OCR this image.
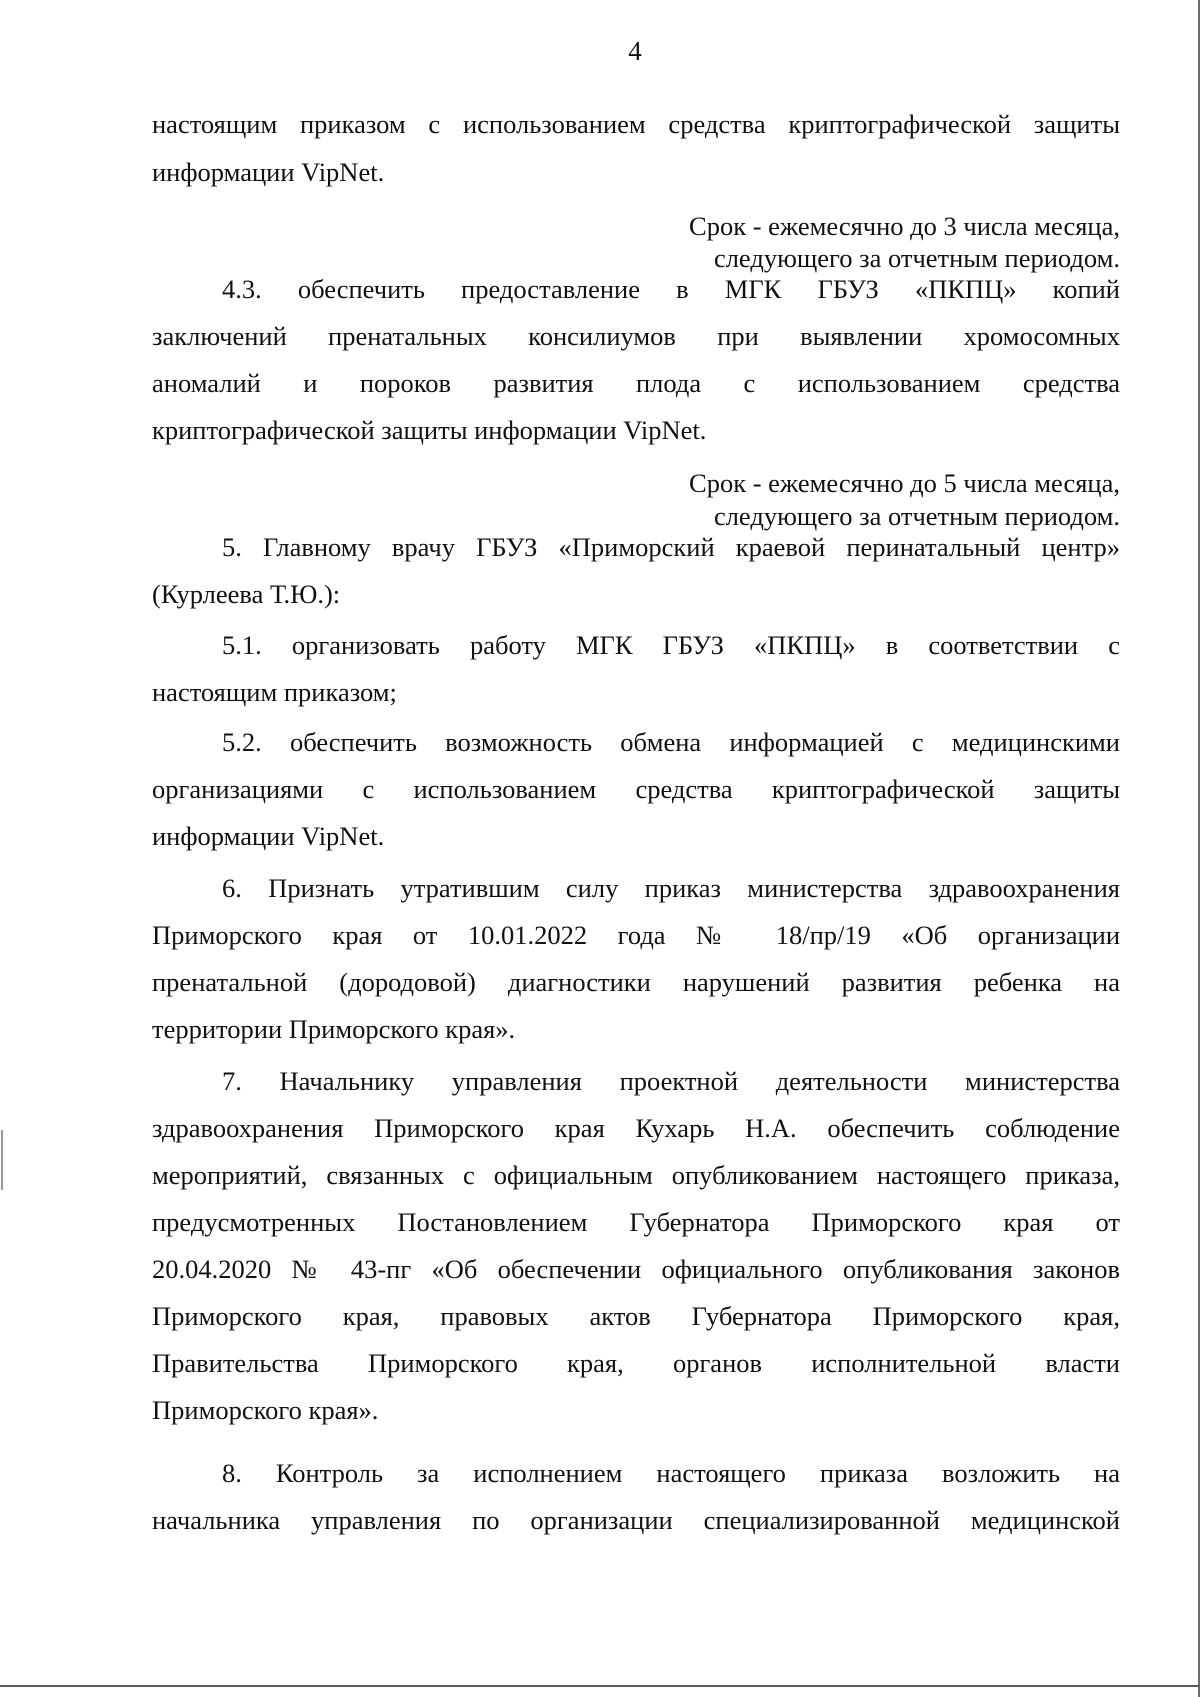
4
настоящим приказом с использованием средства криптографической защиты
информации VipNet.
Срок - ежемесячно до 3 числа месяца,
следующего за отчетным периодом.
4.3. обеспечить предоставление в МГК ГБУЗ «ПКПЦ» копий
заключений пренатальных консилиумов при выявлении хромосомных
аномалий и пороков развития плода с использованием средства
криптографической защиты информации VipNet.
Срок - ежемесячно до 5 числа месяца,
следующего за отчетным периодом.
5. Главному врачу ГБУЗ «Приморский краевой перинатальный центр»
(Курлеева Т.Ю.):
5.1. организовать работу МГК ГБУЗ «ПКПЦ» в соответствии с
настоящим приказом;
5.2. обеспечить возможность обмена информацией с медицинскими
организациями с использованием средства криптографической защиты
информации VipNet.
6. Признать утратившим силу приказ министерства здравоохранения
Приморского края от 10.01.2022 года № 18/пр/19 «Об организации
пренатальной (дородовой) диагностики нарушений развития ребенка на
территории Приморского края».
7. Начальнику управления проектной деятельности министерства
здравоохранения Приморского края Кухарь Н.А. обеспечить соблюдение
мероприятий, связанных с официальным опубликованием настоящего приказа,
предусмотренных Постановлением Губернатора Приморского края от
20.04.2020 № 43-пг «Об обеспечении официального опубликования законов
Приморского края, правовых актов Губернатора Приморского края,
Правительства Приморского края, органов исполнительной власти
Приморского края».
8. Контроль за исполнением настоящего приказа возложить на
начальника управления по организации специализированной медицинской
